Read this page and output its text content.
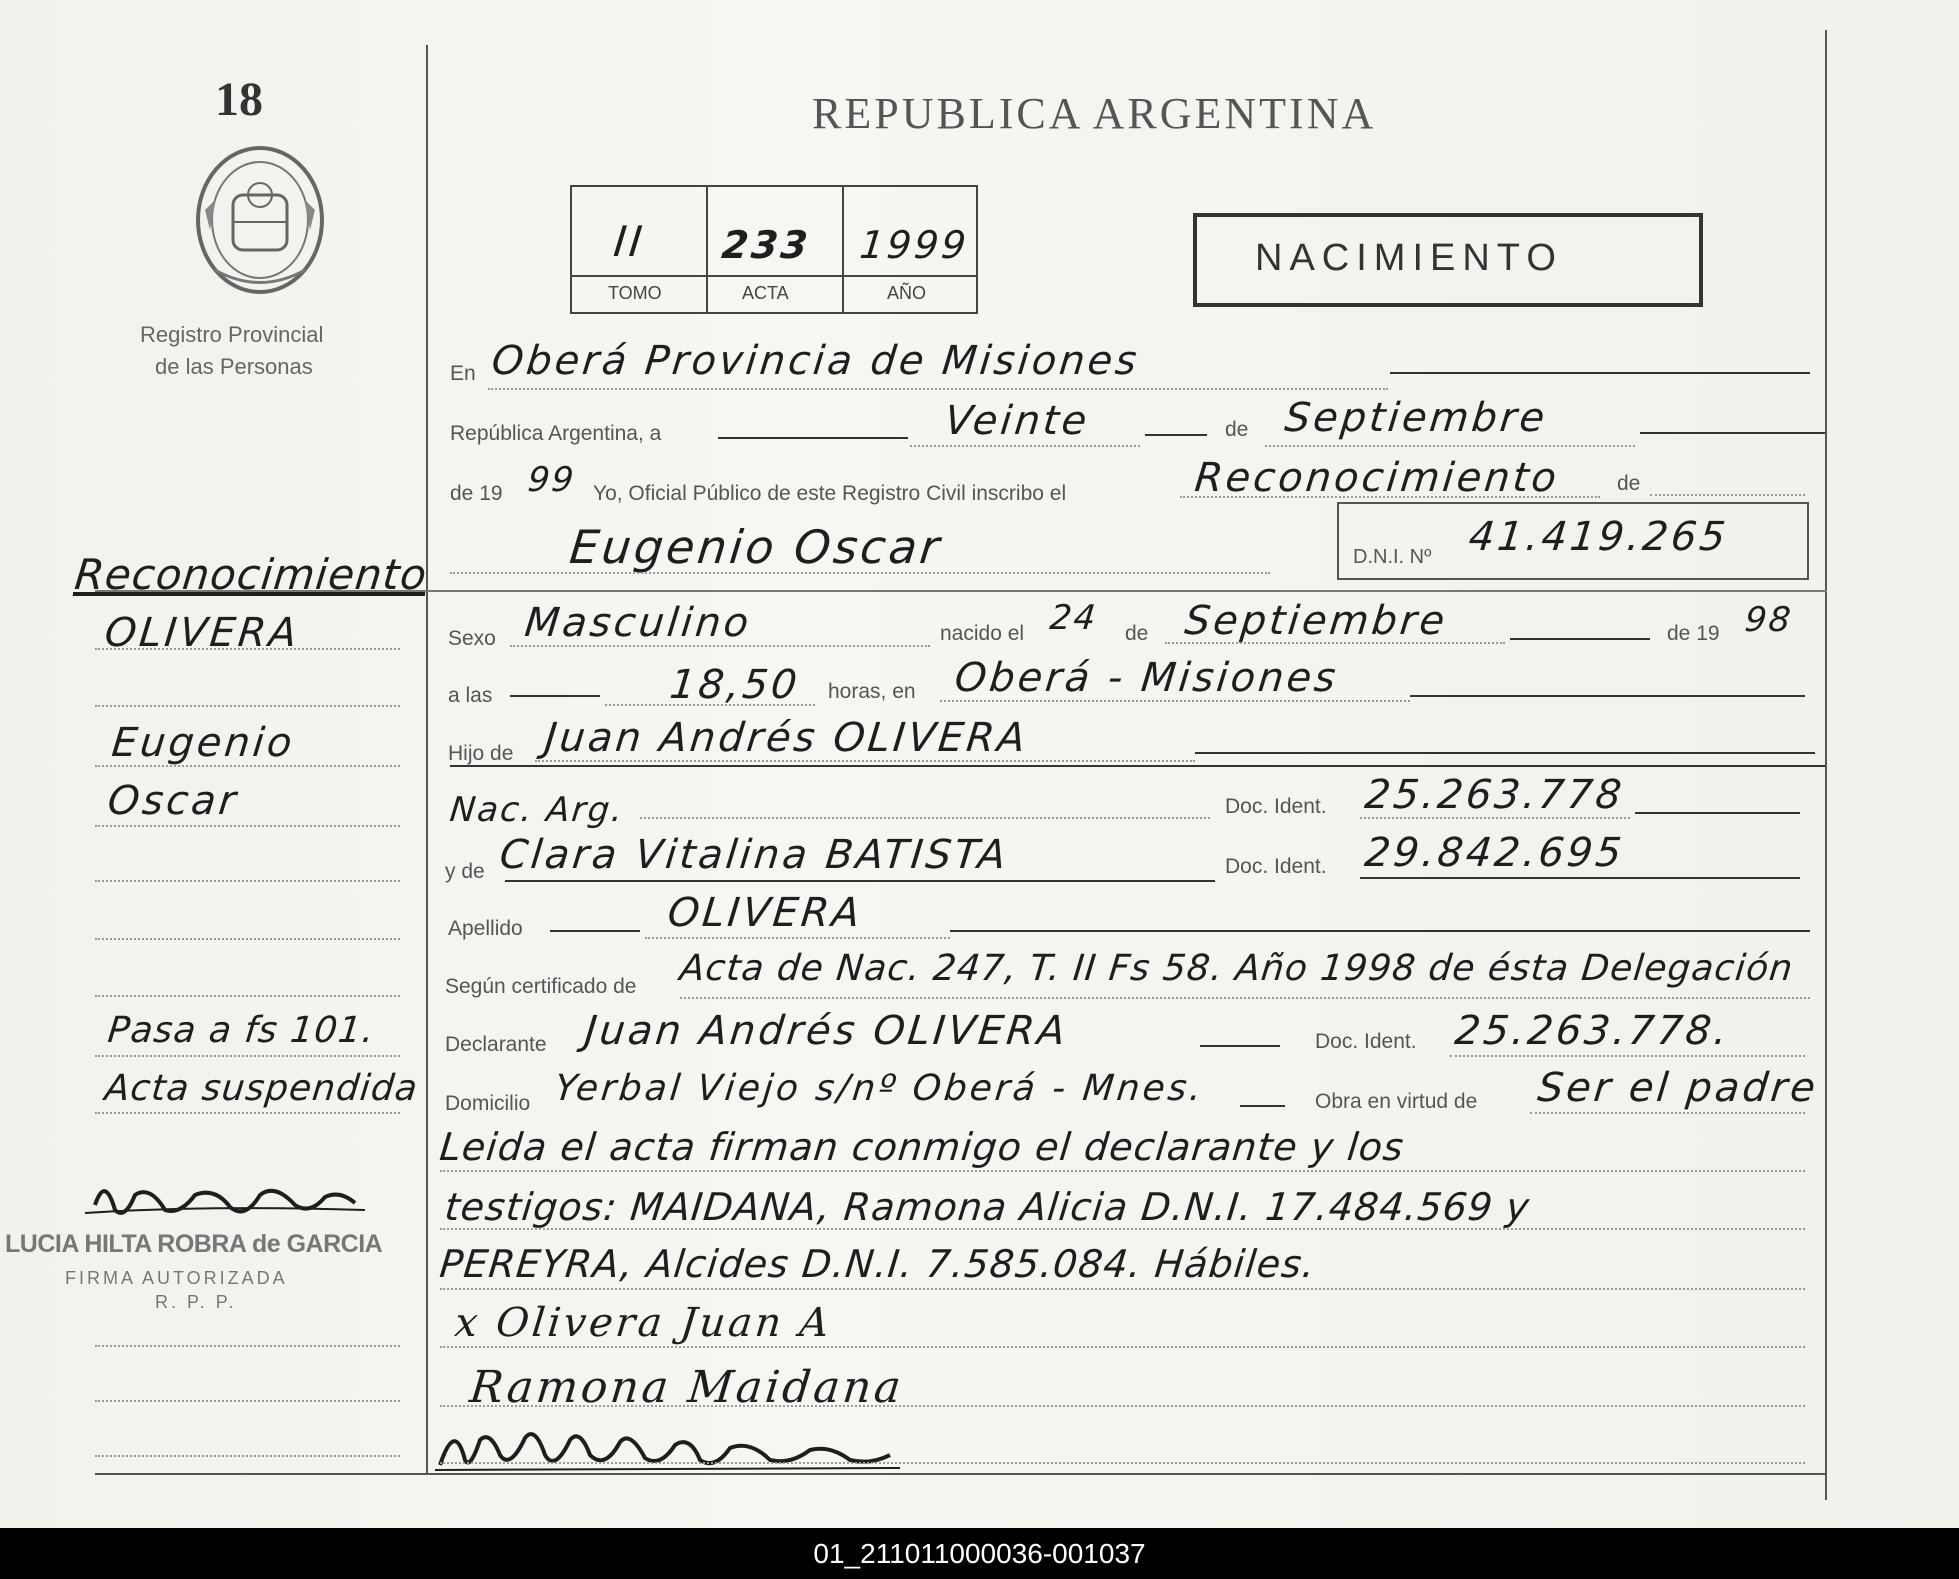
18
Registro Provincial
de las Personas
REPUBLICA ARGENTINA
II 233 1999
TOMO	ACTA	AÑO
NACIMIENTO
En Oberá Provincia de Misiones
República Argentina, a	Veinte	de Septiembre
de 19 99 Yo, Oficial Público de este Registro Civil inscribo el	Reconocimiento	de
Eugenio Oscar	D.N.I. Nº 41.419.265
Sexo Masculino	nacido el 24 de Septiembre	de 19 98
a las	18,50 horas, en Oberá - Misiones
Hijo de Juan Andrés OLIVERA
Nac. Arg.	Doc. Ident. 25.263.778
y de Clara Vitalina BATISTA	Doc. Ident. 29.842.695
Apellido	OLIVERA
Según certificado de Acta de Nac. 247, T. II Fs 58. Año 1998 de ésta Delegación
Declarante Juan Andrés OLIVERA	Doc. Ident. 25.263.778.
Domicilio Yerbal Viejo s/nº Oberá - Mnes.	Obra en virtud de Ser el padre
Leida el acta firman conmigo el declarante y los
testigos: MAIDANA, Ramona Alicia D.N.I. 17.484.569 y
PEREYRA, Alcides D.N.I. 7.585.084. Hábiles.
x Olivera Juan A
Ramona Maidana
Reconocimiento
OLIVERA
Eugenio
Oscar
Pasa a fs 101.
Acta suspendida
LUCIA HILTA ROBRA de GARCIA
FIRMA AUTORIZADA
R. P. P.
01_211011000036-001037
